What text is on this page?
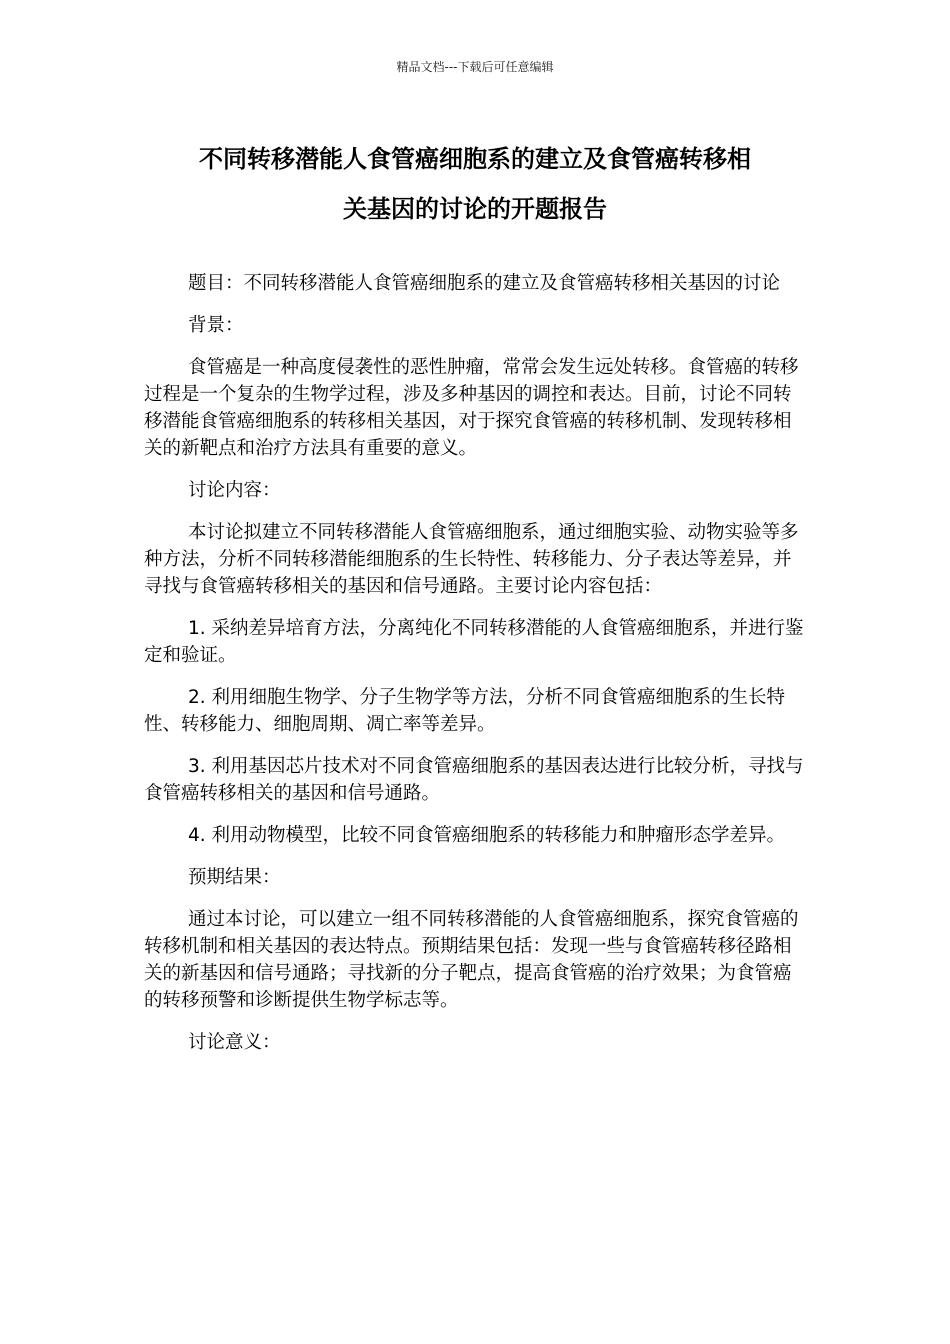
精品文档---下载后可任意编辑
不同转移潜能人食管癌细胞系的建立及食管癌转移相
关基因的讨论的开题报告

题目：不同转移潜能人食管癌细胞系的建立及食管癌转移相关基因的讨论

背景：

食管癌是一种高度侵袭性的恶性肿瘤，常常会发生远处转移。食管癌的转移过程是一个复杂的生物学过程，涉及多种基因的调控和表达。目前，讨论不同转移潜能食管癌细胞系的转移相关基因，对于探究食管癌的转移机制、发现转移相关的新靶点和治疗方法具有重要的意义。

讨论内容：

本讨论拟建立不同转移潜能人食管癌细胞系，通过细胞实验、动物实验等多种方法，分析不同转移潜能细胞系的生长特性、转移能力、分子表达等差异，并寻找与食管癌转移相关的基因和信号通路。主要讨论内容包括：

1. 采纳差异培育方法，分离纯化不同转移潜能的人食管癌细胞系，并进行鉴定和验证。

2. 利用细胞生物学、分子生物学等方法，分析不同食管癌细胞系的生长特性、转移能力、细胞周期、凋亡率等差异。

3. 利用基因芯片技术对不同食管癌细胞系的基因表达进行比较分析，寻找与食管癌转移相关的基因和信号通路。

4. 利用动物模型，比较不同食管癌细胞系的转移能力和肿瘤形态学差异。

预期结果：

通过本讨论，可以建立一组不同转移潜能的人食管癌细胞系，探究食管癌的转移机制和相关基因的表达特点。预期结果包括：发现一些与食管癌转移径路相关的新基因和信号通路；寻找新的分子靶点，提高食管癌的治疗效果；为食管癌的转移预警和诊断提供生物学标志等。

讨论意义：
